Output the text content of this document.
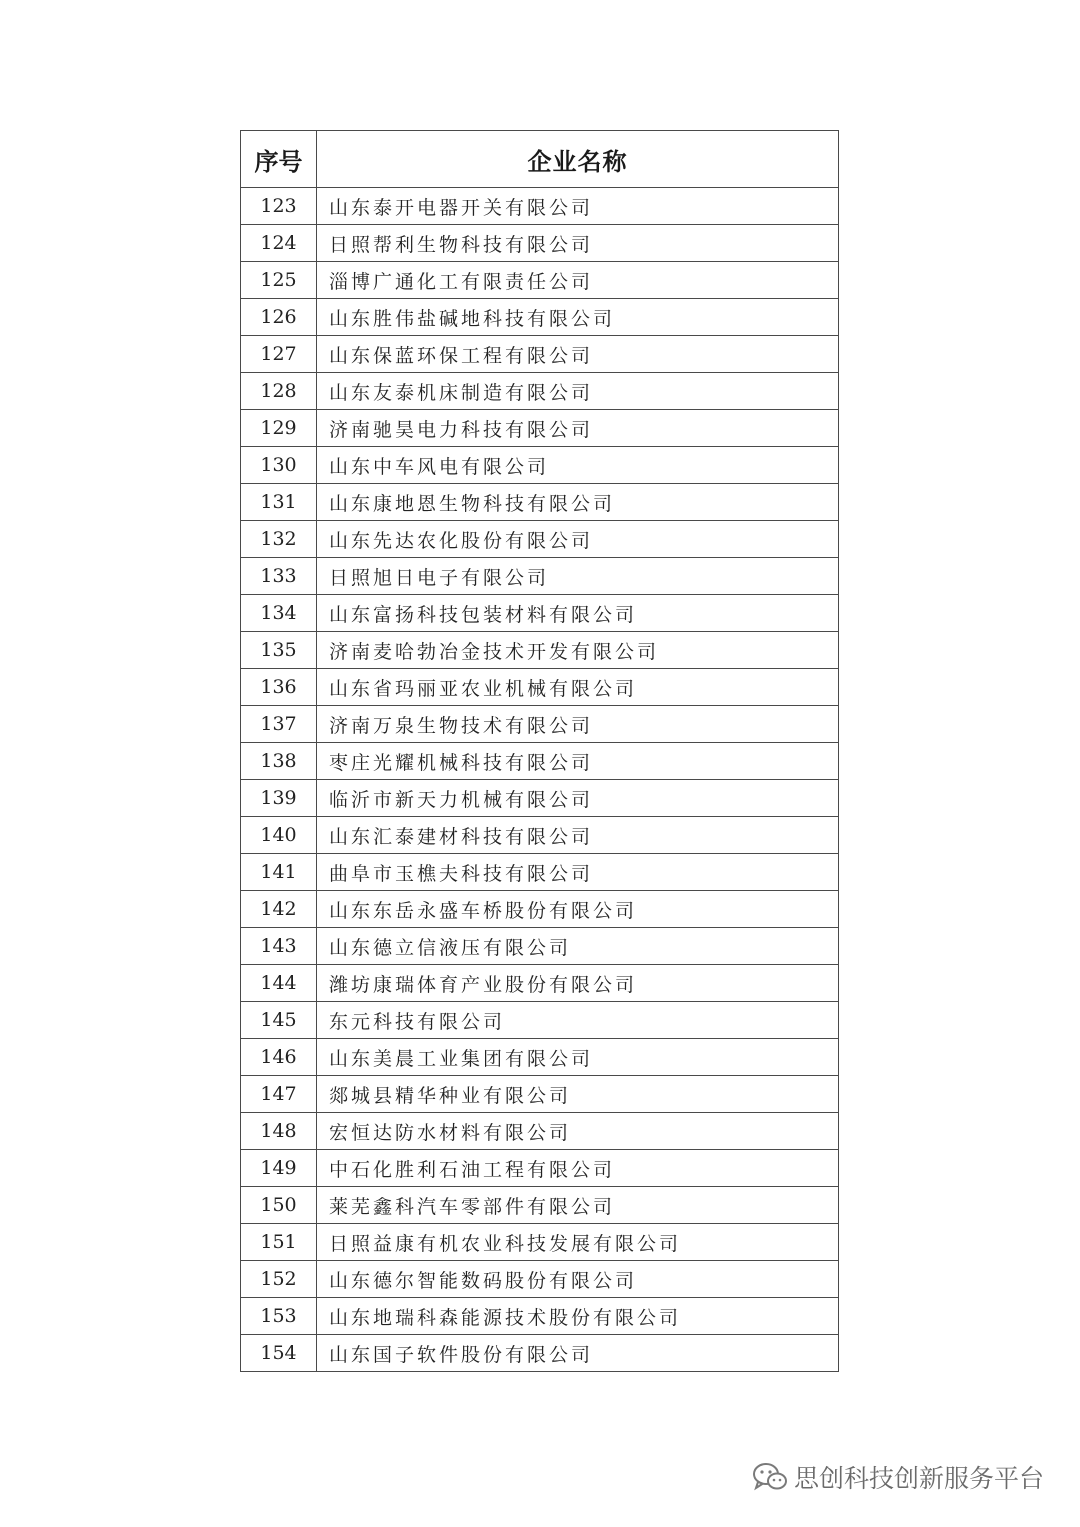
序号	企业名称
123	山东泰开电器开关有限公司
124	日照帮利生物科技有限公司
125	淄博广通化工有限责任公司
126	山东胜伟盐碱地科技有限公司
127	山东保蓝环保工程有限公司
128	山东友泰机床制造有限公司
129	济南驰昊电力科技有限公司
130	山东中车风电有限公司
131	山东康地恩生物科技有限公司
132	山东先达农化股份有限公司
133	日照旭日电子有限公司
134	山东富扬科技包装材料有限公司
135	济南麦哈勃冶金技术开发有限公司
136	山东省玛丽亚农业机械有限公司
137	济南万泉生物技术有限公司
138	枣庄光耀机械科技有限公司
139	临沂市新天力机械有限公司
140	山东汇泰建材科技有限公司
141	曲阜市玉樵夫科技有限公司
142	山东东岳永盛车桥股份有限公司
143	山东德立信液压有限公司
144	潍坊康瑞体育产业股份有限公司
145	东元科技有限公司
146	山东美晨工业集团有限公司
147	郯城县精华种业有限公司
148	宏恒达防水材料有限公司
149	中石化胜利石油工程有限公司
150	莱芜鑫科汽车零部件有限公司
151	日照益康有机农业科技发展有限公司
152	山东德尔智能数码股份有限公司
153	山东地瑞科森能源技术股份有限公司
154	山东国子软件股份有限公司
思创科技创新服务平台
